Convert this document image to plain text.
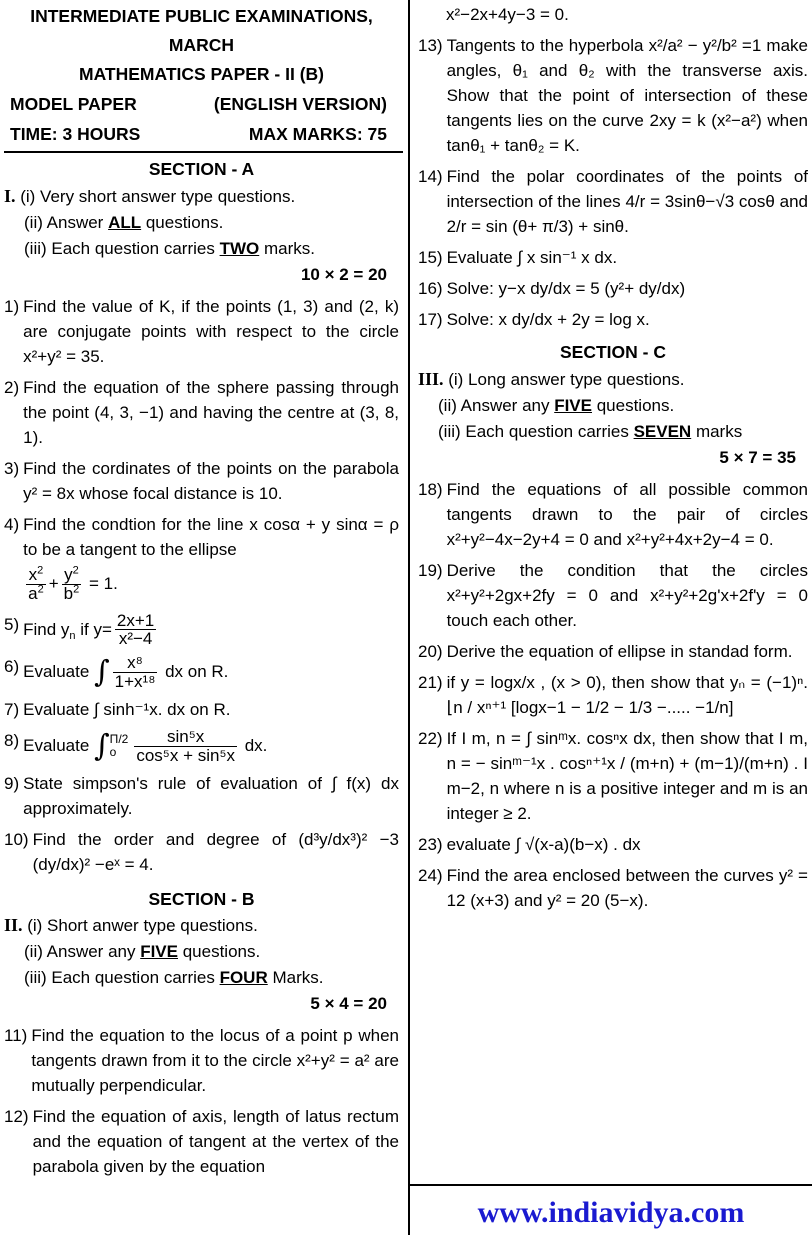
INTERMEDIATE PUBLIC EXAMINATIONS,
MARCH
MATHEMATICS PAPER - II (B)
MODEL PAPER	(ENGLISH VERSION)
TIME: 3 HOURS	MAX MARKS: 75
SECTION - A
I. (i) Very short answer type questions.
(ii) Answer ALL questions.
(iii) Each question carries TWO marks.
10 × 2 = 20
1) Find the value of K, if the points (1, 3) and (2, k) are conjugate points with respect to the circle x²+y² = 35.
2) Find the equation of the sphere passing through the point (4, 3, −1) and having the centre at (3, 8, 1).
3) Find the cordinates of the points on the parabola y² = 8x whose focal distance is 10.
4) Find the condtion for the line x cosα + y sinα = ρ to be a tangent to the ellipse
$\frac{x^2}{a^2} + \frac{y^2}{b^2} = 1$.
5) Find $y_n$ if $y= \frac{2x+1}{\text{x²−4}}$
6) Evaluate ∫ $\frac{\text{x⁸}}{\text{1+x¹⁸}}$ dx on R.
7) Evaluate ∫ sinh⁻¹x. dx on R.
8) Evaluate ∫ Π/2
o	$\frac{\text{sin⁵x}}{\text{cos⁵x + sin⁵x}}$ dx.
9) State simpson's rule of evaluation of ∫ f(x) dx approximately.
10) Find the order and degree of (d³y/dx³)² −3 (dy/dx)² −eˣ = 4.
SECTION - B
II. (i) Short anwer type questions.
(ii) Answer any FIVE questions.
(iii) Each question carries FOUR Marks.
5 × 4 = 20
11) Find the equation to the locus of a point p when tangents drawn from it to the circle x²+y² = a² are mutually perpendicular.
12) Find the equation of axis, length of latus rectum and the equation of tangent at the vertex of the parabola given by the equation
x²−2x+4y−3 = 0.
13) Tangents to the hyperbola x²/a² − y²/b² =1 make angles, θ₁ and θ₂ with the transverse axis. Show that the point of intersection of these tangents lies on the curve 2xy = k (x²−a²) when tanθ₁ + tanθ₂ = K.
14) Find the polar coordinates of the points of intersection of the lines 4/r = 3sinθ−√3 cosθ and 2/r = sin (θ+ π/3) + sinθ.
15) Evaluate ∫ x sin⁻¹ x dx.
16) Solve: y−x dy/dx = 5 (y²+ dy/dx)
17) Solve: x dy/dx + 2y = log x.
SECTION - C
III. (i) Long answer type questions.
(ii) Answer any FIVE questions.
(iii) Each question carries SEVEN marks
5 × 7 = 35
18) Find the equations of all possible common tangents drawn to the pair of circles x²+y²−4x−2y+4 = 0 and x²+y²+4x+2y−4 = 0.
19) Derive the condition that the circles x²+y²+2gx+2fy = 0 and x²+y²+2g'x+2f'y = 0 touch each other.
20) Derive the equation of ellipse in standad form.
21) if y = logx/x , (x > 0), then show that yₙ = (−1)ⁿ. ⌊n / xⁿ⁺¹ [logx−1 − 1/2 − 1/3 −..... −1/n]
22) If I m, n = ∫ sinᵐx. cosⁿx dx, then show that I m, n = − sinᵐ⁻¹x . cosⁿ⁺¹x / (m+n) + (m−1)/(m+n) . I m−2, n where n is a positive integer and m is an integer ≥ 2.
23) evaluate ∫ √(x-a)(b−x) . dx
24) Find the area enclosed between the curves y² = 12 (x+3) and y² = 20 (5−x).
www.indiavidya.com
